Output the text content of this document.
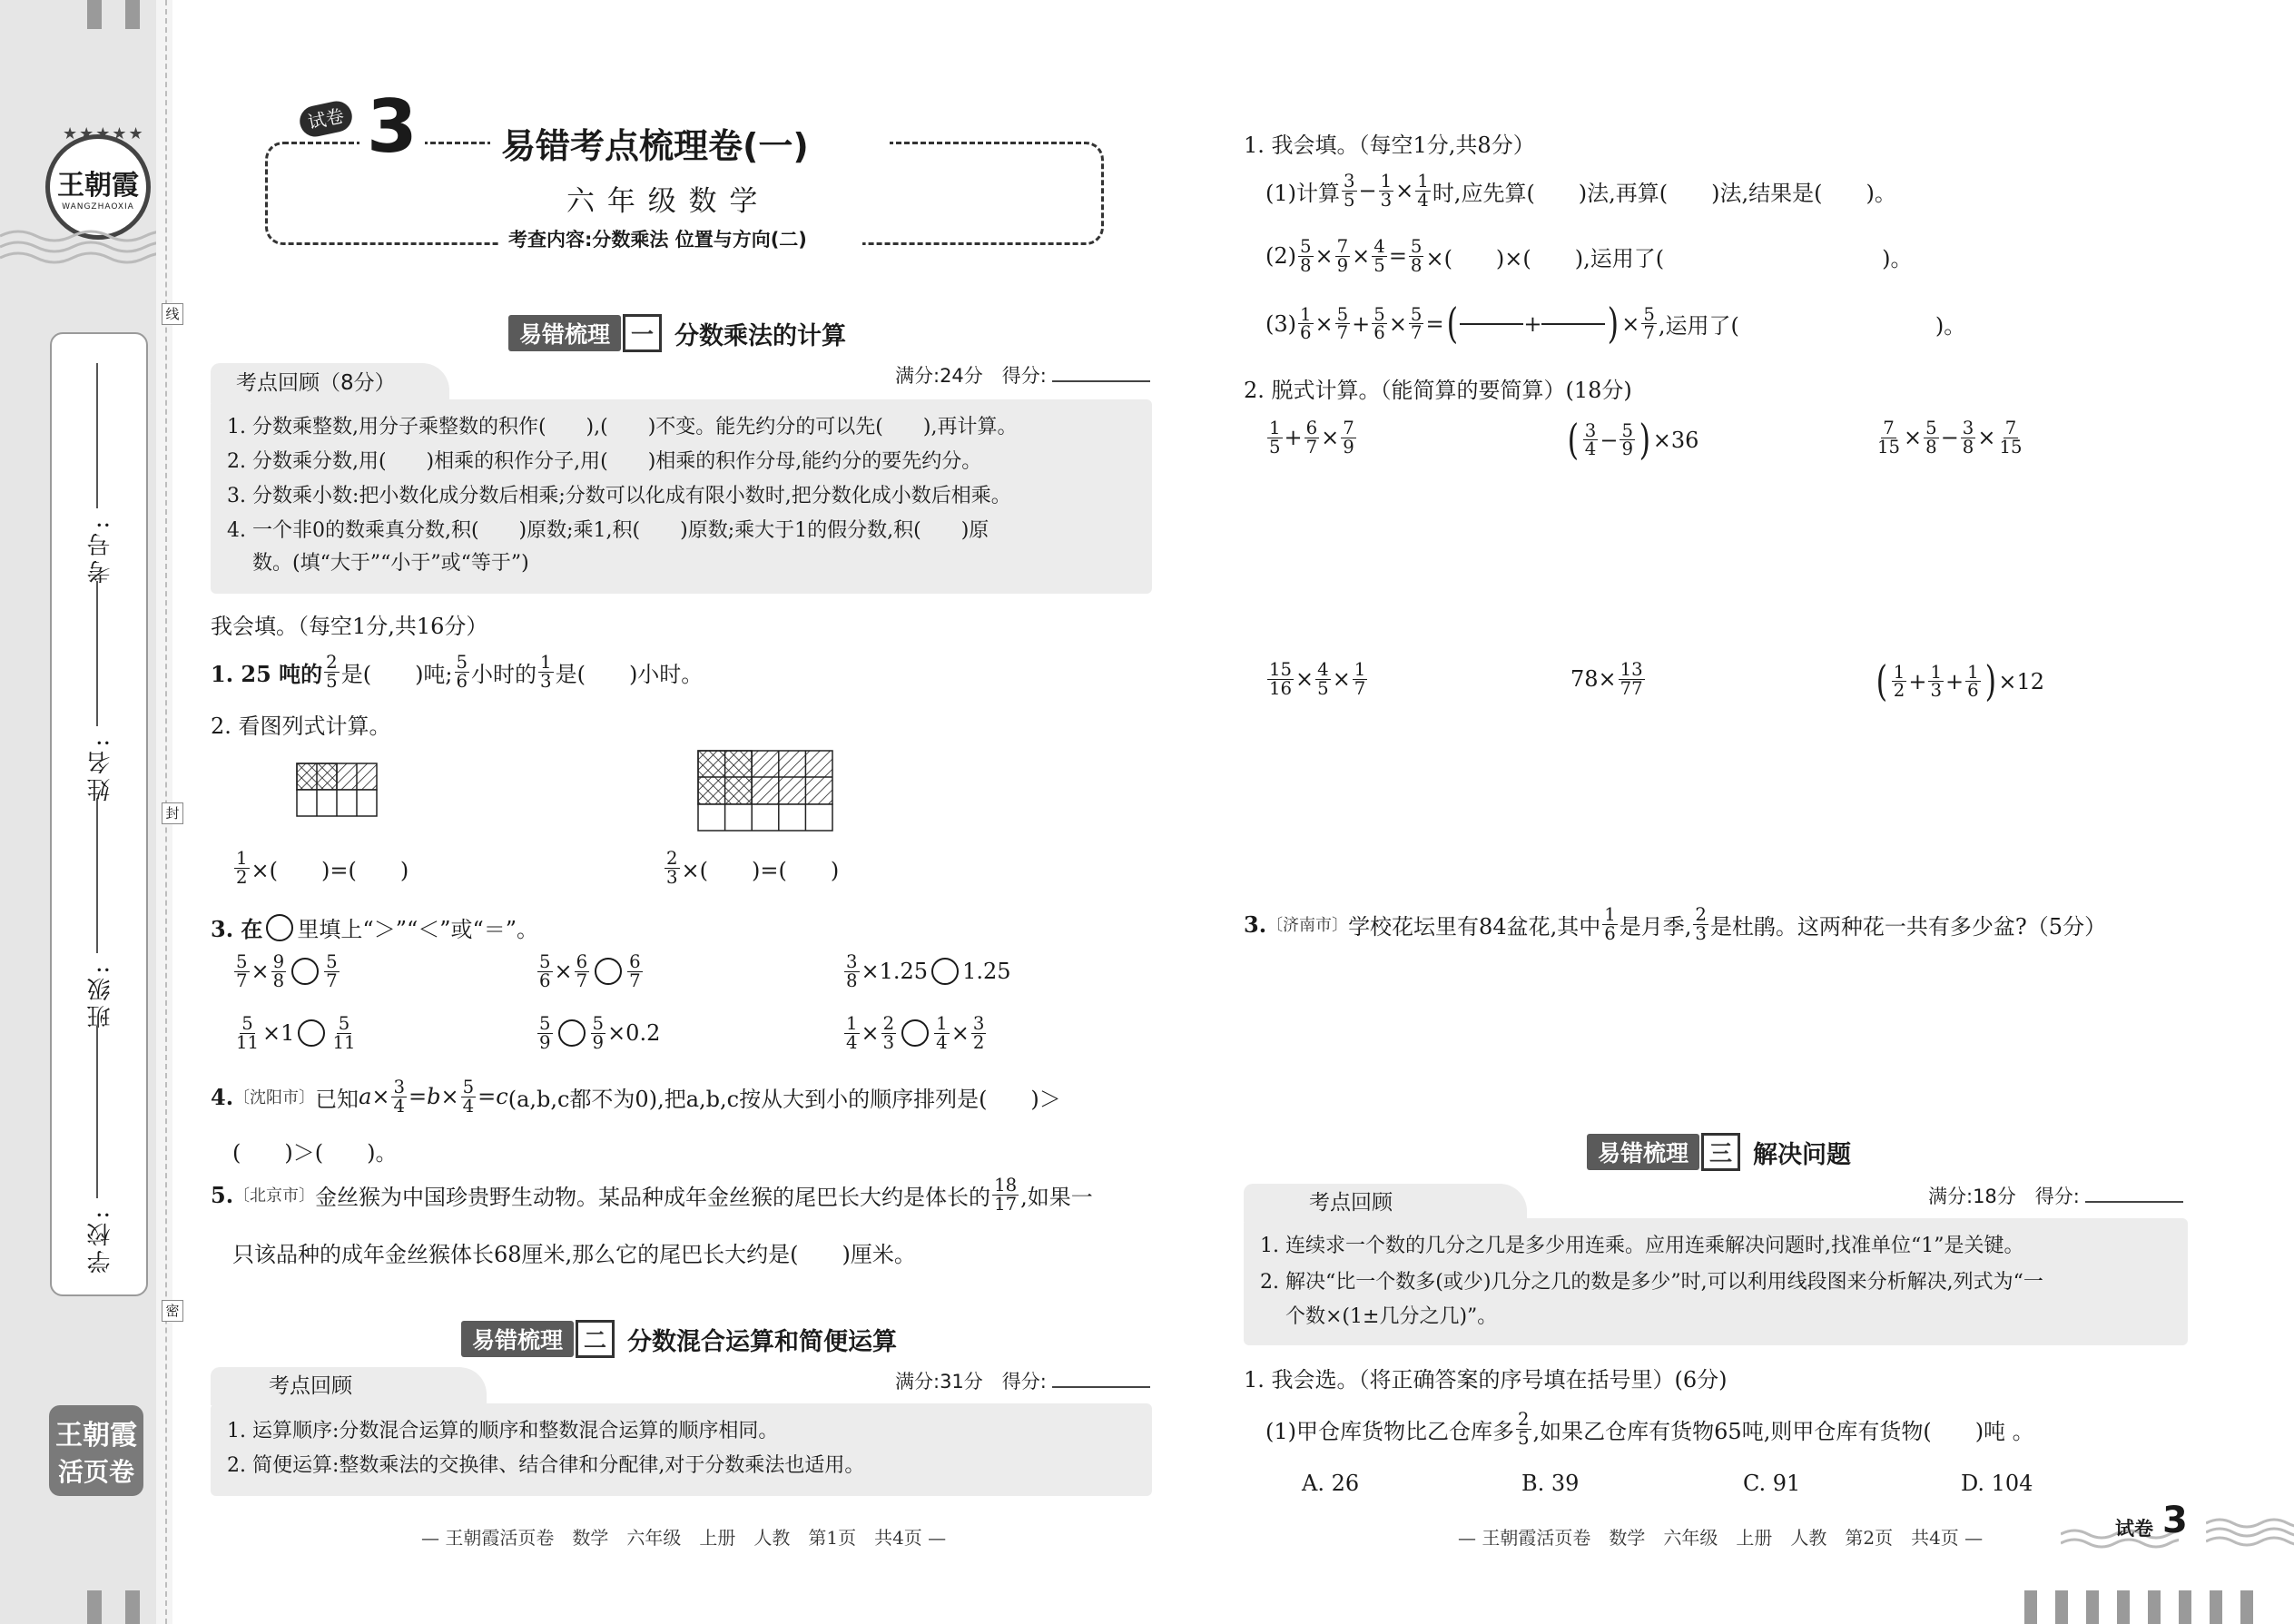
★★★★★
王朝霞
WANGZHAOXIA
考号:
姓名:
班级:
学校:
线
封
密
王朝霞
活页卷
试卷 3 易错考点梳理卷(一)
六 年 级 数 学
考查内容:分数乘法 位置与方向(二)
易错梳理 一 分数乘法的计算
考点回顾（8分）	满分:24分　 得分:
1. 分数乘整数,用分子乘整数的积作(　　),(　　)不变。能先约分的可以先(　　),再计算。
2. 分数乘分数,用(　　)相乘的积作分子,用(　　)相乘的积作分母,能约分的要先约分。
3. 分数乘小数:把小数化成分数后相乘;分数可以化成有限小数时,把分数化成小数后相乘。
4. 一个非0的数乘真分数,积(　　)原数;乘1,积(　　)原数;乘大于1的假分数,积(　　)原
数。(填“大于”“小于”或“等于”)
我会填。（每空1分,共16分）
1. 25 吨的 $\frac{2}{5}$ 是(　　)吨; $\frac{5}{6}$ 小时的 $\frac{1}{3}$ 是(　　)小时。
2. 看图列式计算。
$\frac{1}{2}$ ×(　　)=(　　)	$\frac{2}{3}$ ×(　　)=(　　)
3. 在 里填上“＞”“＜”或“＝”。
$\frac{5}{7} \times \frac{9}{8} \frac{5}{7}$	$\frac{5}{6} \times \frac{6}{7} \frac{6}{7}$	$\frac{3}{8} \times 1.25$ 1.25
$\frac{5}{11} \times 1 \frac{5}{11}$	$\frac{5}{9} \frac{5}{9} \times 0.2$	$\frac{1}{4} \times \frac{2}{3} \frac{1}{4} \times \frac{3}{2}$
4. 〔沈阳市〕 已知 $a \times \frac{3}{4} = b \times \frac{5}{4} = c$ (a,b,c都不为0),把a,b,c按从大到小的顺序排列是(　　)＞
(　　)＞(　　)。
5. 〔北京市〕 金丝猴为中国珍贵野生动物。某品种成年金丝猴的尾巴长大约是体长的 $\frac{18}{17}$ ,如果一
只该品种的成年金丝猴体长68厘米,那么它的尾巴长大约是(　　)厘米。
易错梳理 二 分数混合运算和简便运算
考点回顾	满分:31分　 得分:
1. 运算顺序:分数混合运算的顺序和整数混合运算的顺序相同。
2. 简便运算:整数乘法的交换律、结合律和分配律,对于分数乘法也适用。
— 王朝霞活页卷　数学　六年级　上册　人教　第1页　共4页 —
1. 我会填。（每空1分,共8分）
(1)计算 $\frac{3}{5} - \frac{1}{3} \times \frac{1}{4}$ 时,应先算(　　)法,再算(　　)法,结果是(　　)。
$(2) \frac{5}{8} \times \frac{7}{9} \times \frac{4}{5} = \frac{5}{8}$ ×(　　)×(　　),运用了(　　　　　　　　　　)。
$(3) \frac{1}{6} \times \frac{5}{7} + \frac{5}{6} \times \frac{5}{7}$ = (	+ ) × $\frac{5}{7}$ ,运用了(　　　　　　　　　)。
2. 脱式计算。（能简算的要简算）(18分)
$\frac{1}{5} + \frac{6}{7} \times \frac{7}{9}$	( $\frac{3}{4} - \frac{5}{9}$ ) ×36	$\frac{7}{15} \times \frac{5}{8} - \frac{3}{8} \times \frac{7}{15}$
$\frac{15}{16} \times \frac{4}{5} \times \frac{1}{7}$	$78\times \frac{13}{77}$	( $\frac{1}{2} + \frac{1}{3} + \frac{1}{6}$ ) ×12
3. 〔济南市〕 学校花坛里有84盆花,其中 $\frac{1}{6}$ 是月季, $\frac{2}{3}$ 是杜鹃。这两种花一共有多少盆?（5分）
易错梳理 三 解决问题
考点回顾	满分:18分　 得分:
1. 连续求一个数的几分之几是多少用连乘。应用连乘解决问题时,找准单位“1”是关键。
2. 解决“比一个数多(或少)几分之几的数是多少”时,可以利用线段图来分析解决,列式为“一
个数×(1±几分之几)”。
1. 我会选。（将正确答案的序号填在括号里）(6分)
(1)甲仓库货物比乙仓库多 $\frac{2}{5}$ ,如果乙仓库有货物65吨,则甲仓库有货物(　　)吨 。
A. 26	B. 39	C. 91	D. 104
— 王朝霞活页卷　数学　六年级　上册　人教　第2页　共4页 —	试卷 3
